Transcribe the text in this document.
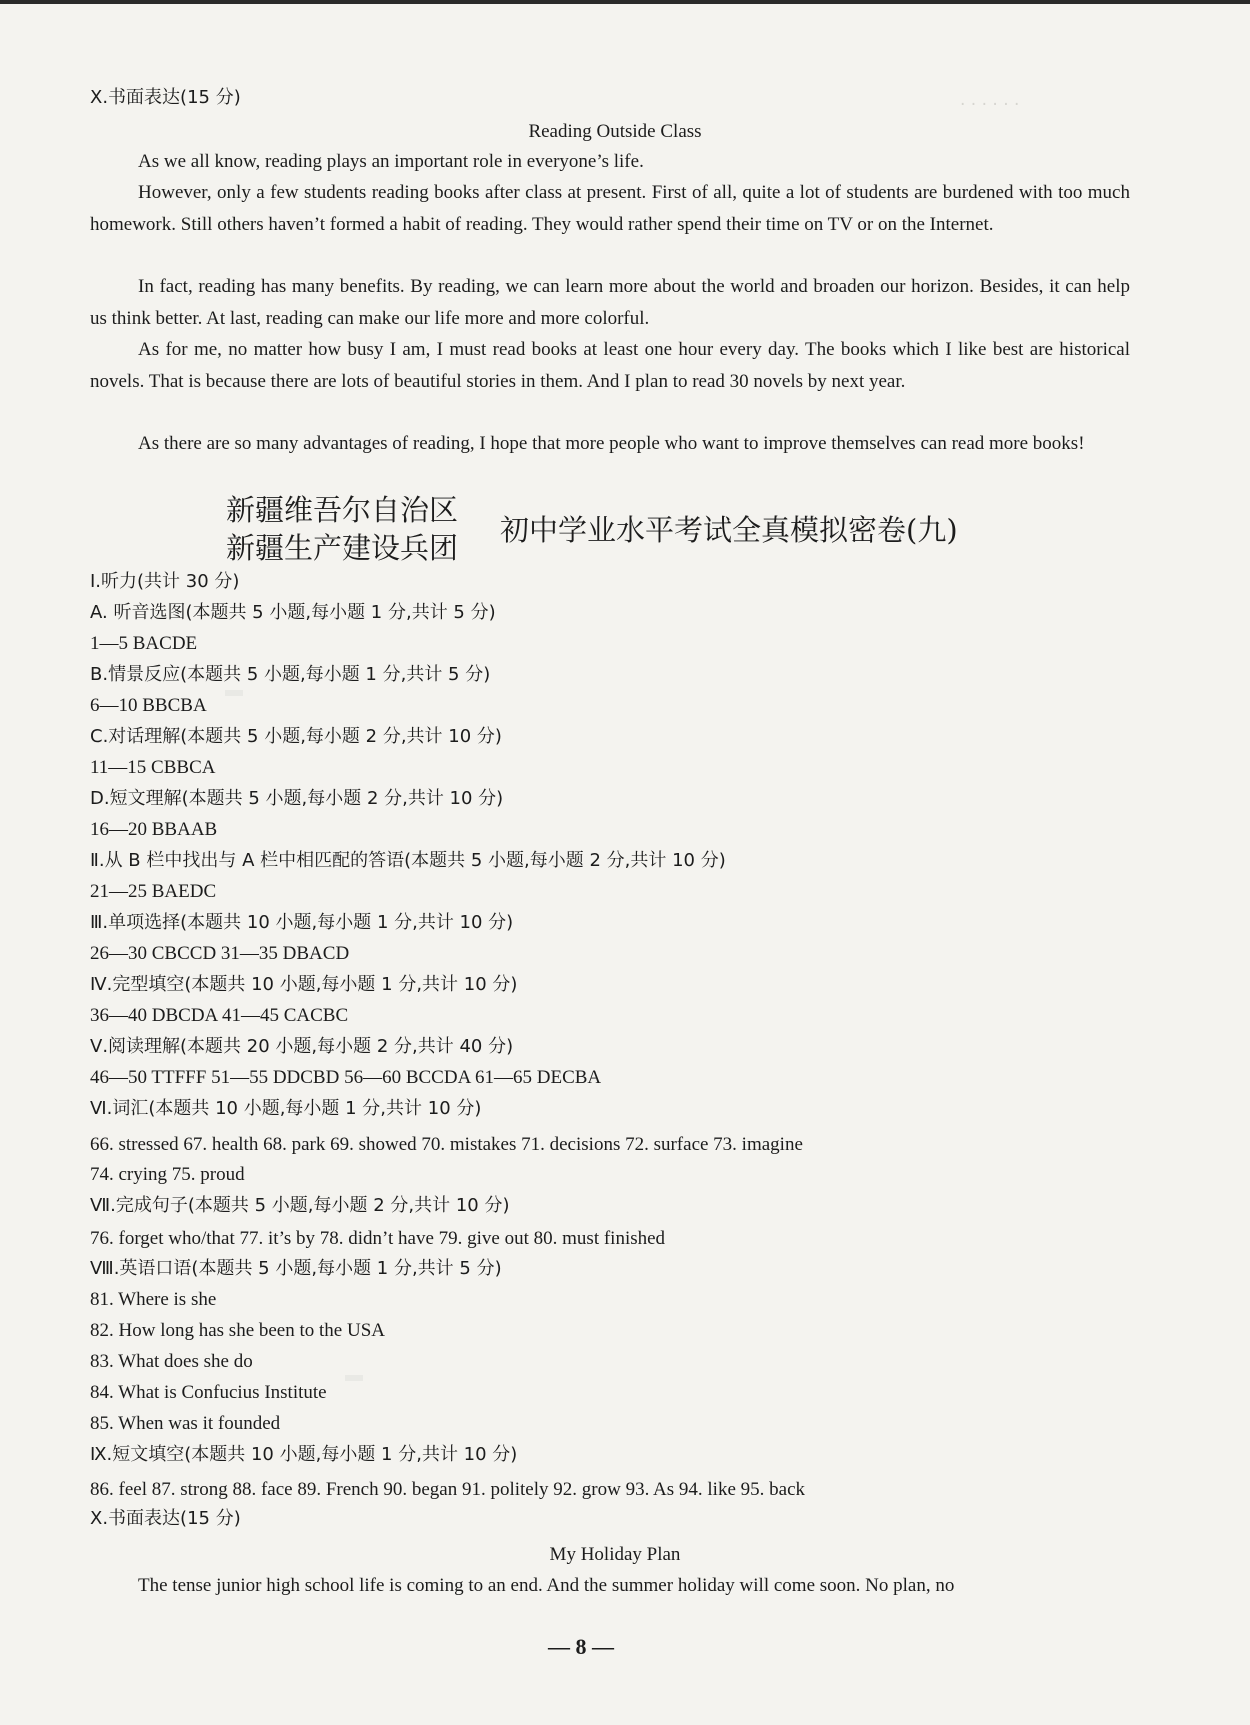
· · · · · ·
Ⅹ.书面表达(15 分)
Reading Outside Class
As we all know, reading plays an important role in everyone’s life.
However, only a few students reading books after class at present. First of all, quite a lot of students are burdened with too much homework. Still others haven’t formed a habit of reading. They would rather spend their time on TV or on the Internet.
In fact, reading has many benefits. By reading, we can learn more about the world and broaden our horizon. Besides, it can help us think better. At last, reading can make our life more and more colorful.
As for me, no matter how busy I am, I must read books at least one hour every day. The books which I like best are historical novels. That is because there are lots of beautiful stories in them. And I plan to read 30 novels by next year.
As there are so many advantages of reading, I hope that more people who want to improve themselves can read more books!
新疆维吾尔自治区
新疆生产建设兵团
初中学业水平考试全真模拟密卷(九)
Ⅰ.听力(共计 30 分)
A. 听音选图(本题共 5 小题,每小题 1 分,共计 5 分)
1—5 BACDE
B.情景反应(本题共 5 小题,每小题 1 分,共计 5 分)
6—10 BBCBA
C.对话理解(本题共 5 小题,每小题 2 分,共计 10 分)
11—15 CBBCA
D.短文理解(本题共 5 小题,每小题 2 分,共计 10 分)
16—20 BBAAB
Ⅱ.从 B 栏中找出与 A 栏中相匹配的答语(本题共 5 小题,每小题 2 分,共计 10 分)
21—25 BAEDC
Ⅲ.单项选择(本题共 10 小题,每小题 1 分,共计 10 分)
26—30 CBCCD 31—35 DBACD
Ⅳ.完型填空(本题共 10 小题,每小题 1 分,共计 10 分)
36—40 DBCDA 41—45 CACBC
Ⅴ.阅读理解(本题共 20 小题,每小题 2 分,共计 40 分)
46—50 TTFFF 51—55 DDCBD 56—60 BCCDA 61—65 DECBA
Ⅵ.词汇(本题共 10 小题,每小题 1 分,共计 10 分)
66. stressed 67. health 68. park 69. showed 70. mistakes 71. decisions 72. surface 73. imagine
74. crying 75. proud
Ⅶ.完成句子(本题共 5 小题,每小题 2 分,共计 10 分)
76. forget who/that 77. it’s by 78. didn’t have 79. give out 80. must finished
Ⅷ.英语口语(本题共 5 小题,每小题 1 分,共计 5 分)
81. Where is she
82. How long has she been to the USA
83. What does she do
84. What is Confucius Institute
85. When was it founded
Ⅸ.短文填空(本题共 10 小题,每小题 1 分,共计 10 分)
86. feel 87. strong 88. face 89. French 90. began 91. politely 92. grow 93. As 94. like 95. back
Ⅹ.书面表达(15 分)
My Holiday Plan
The tense junior high school life is coming to an end. And the summer holiday will come soon. No plan, no
— 8 —
